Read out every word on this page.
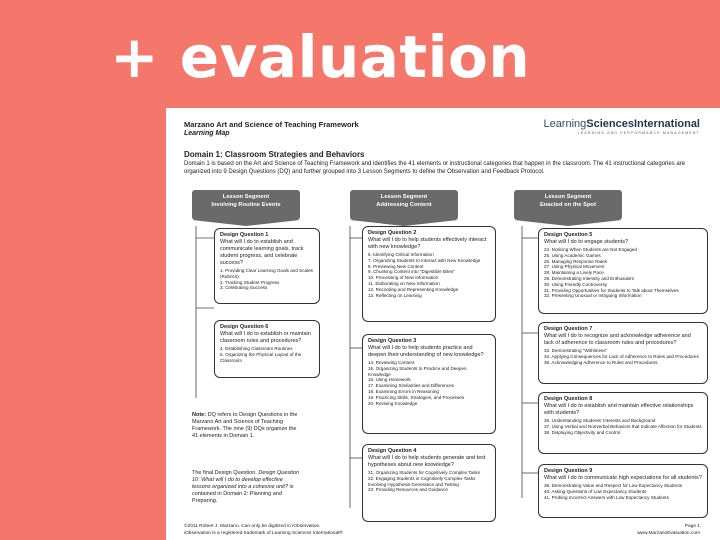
+ evaluation
Marzano Art and Science of Teaching Framework
Learning Map
LearningSciencesInternational
LEARNING AND PERFORMANCE MANAGEMENT
Domain 1: Classroom Strategies and Behaviors
Domain 1 is based on the Art and Science of Teaching Framework and identifies the 41 elements or instructional categories that happen in the classroom. The 41 instructional categories are organized into 9 Design Questions (DQ) and further grouped into 3 Lesson Segments to define the Observation and Feedback Protocol.
Lesson Segment
Involving Routine Events
Lesson Segment
Addressing Content
Lesson Segment
Enacted on the Spot
Design Question 1
What will I do to establish and communicate learning goals, track student progress, and celebrate success?
1. Providing Clear Learning Goals and Scales (Rubrics)
2. Tracking Student Progress
3. Celebrating Success
Design Question 6
What will I do to establish or maintain classroom rules and procedures?
4. Establishing Classroom Routines
5. Organizing the Physical Layout of the Classroom
Design Question 2
What will I do to help students effectively interact with new knowledge?
6. Identifying Critical Information
7. Organizing Students to Interact with New Knowledge
8. Previewing New Content
9. Chunking Content into "Digestible Bites"
10. Processing of New Information
11. Elaborating on New Information
12. Recording and Representing Knowledge
13. Reflecting on Learning
Design Question 3
What will I do to help students practice and deepen their understanding of new knowledge?
14. Reviewing Content
15. Organizing Students to Practice and Deepen Knowledge
16. Using Homework
17. Examining Similarities and Differences
18. Examining Errors in Reasoning
19. Practicing Skills, Strategies, and Processes
20. Revising Knowledge
Design Question 4
What will I do to help students generate and test hypotheses about new knowledge?
21. Organizing Students for Cognitively Complex Tasks
22. Engaging Students in Cognitively Complex Tasks Involving Hypothesis Generation and Testing
23. Providing Resources and Guidance
Design Question 5
What will I do to engage students?
24. Noticing When Students are Not Engaged
25. Using Academic Games
26. Managing Response Rates
27. Using Physical Movement
28. Maintaining a Lively Pace
29. Demonstrating Intensity and Enthusiasm
30. Using Friendly Controversy
31. Providing Opportunities for Students to Talk about Themselves
32. Presenting Unusual or Intriguing Information
Design Question 7
What will I do to recognize and acknowledge adherence and lack of adherence to classroom rules and procedures?
33. Demonstrating "Withitness"
34. Applying Consequences for Lack of Adherence to Rules and Procedures
35. Acknowledging Adherence to Rules and Procedures
Design Question 8
What will I do to establish and maintain effective relationships with students?
36. Understanding Students' Interests and Background
37. Using Verbal and Nonverbal Behaviors that Indicate Affection for Students
38. Displaying Objectivity and Control
Design Question 9
What will I do to communicate high expectations for all students?
39. Demonstrating Value and Respect for Low Expectancy Students
40. Asking Questions of Low Expectancy Students
41. Probing Incorrect Answers with Low Expectancy Students
Note: DQ refers to Design Questions in the Marzano Art and Science of Teaching Framework. The nine (9) DQs organize the 41 elements in Domain 1.
The final Design Question, Design Question 10: What will I do to develop effective lessons organized into a cohesive unit? is contained in Domain 2: Planning and Preparing.
©2011 Robert J. Marzano. Can only be digitized in iObservation.
iObservation is a registered trademark of Learning Sciences International®
Page 1
www.MarzanoEvaluation.com
